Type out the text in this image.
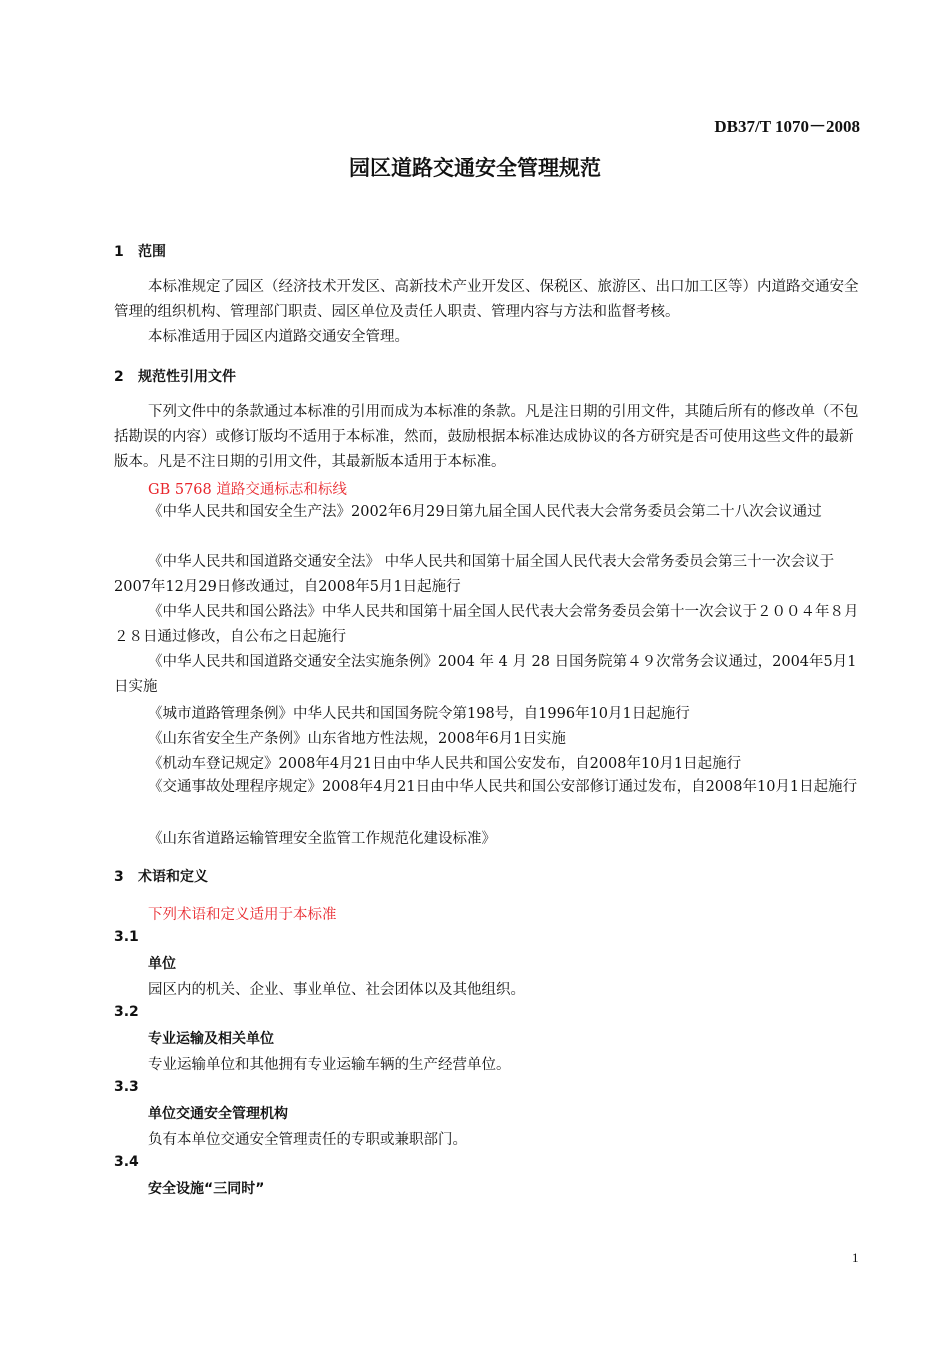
DB37/T 1070－2008
园区道路交通安全管理规范
1 范围
本标准规定了园区（经济技术开发区、高新技术产业开发区、保税区、旅游区、出口加工区等）内道路交通安全管理的组织机构、管理部门职责、园区单位及责任人职责、管理内容与方法和监督考核。
本标准适用于园区内道路交通安全管理。
2 规范性引用文件
下列文件中的条款通过本标准的引用而成为本标准的条款。凡是注日期的引用文件，其随后所有的修改单（不包括勘误的内容）或修订版均不适用于本标准，然而，鼓励根据本标准达成协议的各方研究是否可使用这些文件的最新版本。凡是不注日期的引用文件，其最新版本适用于本标准。
GB 5768 道路交通标志和标线
《中华人民共和国安全生产法》2002年6月29日第九届全国人民代表大会常务委员会第二十八次会议通过
《中华人民共和国道路交通安全法》 中华人民共和国第十届全国人民代表大会常务委员会第三十一次会议于2007年12月29日修改通过，自2008年5月1日起施行
《中华人民共和国公路法》中华人民共和国第十届全国人民代表大会常务委员会第十一次会议于２００４年８月２８日通过修改，自公布之日起施行
《中华人民共和国道路交通安全法实施条例》2004 年 4 月 28 日国务院第４９次常务会议通过，2004年5月1日实施
《城市道路管理条例》中华人民共和国国务院令第198号，自1996年10月1日起施行
《山东省安全生产条例》山东省地方性法规，2008年6月1日实施
《机动车登记规定》2008年4月21日由中华人民共和国公安发布，自2008年10月1日起施行
《交通事故处理程序规定》2008年4月21日由中华人民共和国公安部修订通过发布，自2008年10月1日起施行
《山东省道路运输管理安全监管工作规范化建设标准》
3 术语和定义
下列术语和定义适用于本标准
3.1
单位
园区内的机关、企业、事业单位、社会团体以及其他组织。
3.2
专业运输及相关单位
专业运输单位和其他拥有专业运输车辆的生产经营单位。
3.3
单位交通安全管理机构
负有本单位交通安全管理责任的专职或兼职部门。
3.4
安全设施“三同时”
1
